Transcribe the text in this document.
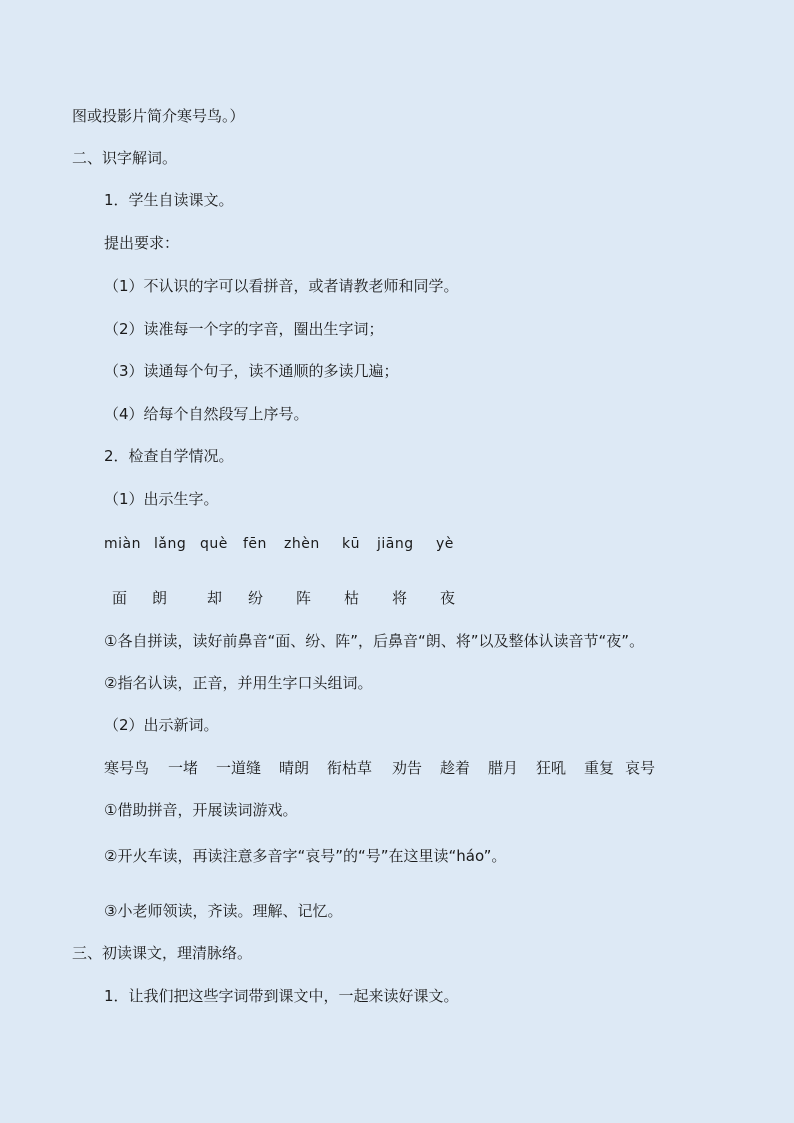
图或投影片简介寒号鸟。）
二、识字解词。
1．学生自读课文。
提出要求：
（1）不认识的字可以看拼音，或者请教老师和同学。
（2）读准每一个字的字音，圈出生字词；
（3）读通每个句子，读不通顺的多读几遍；
（4）给每个自然段写上序号。
2．检查自学情况。
（1）出示生字。
miàn lǎng què fēn zhèn kū jiāng yè
面 朗	却 纷 阵 枯 将 夜
①各自拼读，读好前鼻音“面、纷、阵”，后鼻音“朗、将”以及整体认读音节“夜”。
②指名认读，正音，并用生字口头组词。
（2）出示新词。
寒号鸟 一堵 一道缝 晴朗 衔枯草 劝告 趁着 腊月 狂吼 重复 哀号
①借助拼音，开展读词游戏。
②开火车读，再读注意多音字“哀号”的“号”在这里读“háo”。
③小老师领读，齐读。理解、记忆。
三、初读课文，理清脉络。
1．让我们把这些字词带到课文中，一起来读好课文。
